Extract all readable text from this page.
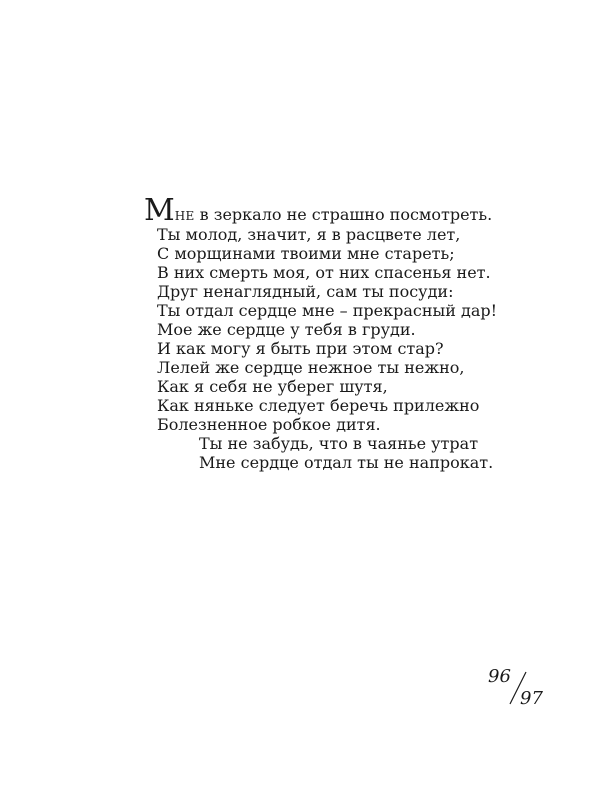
МНЕ в зеркало не страшно посмотреть.
Ты молод, значит, я в расцвете лет,
С морщинами твоими мне стареть;
В них смерть моя, от них спасенья нет.
Друг ненаглядный, сам ты посуди:
Ты отдал сердце мне – прекрасный дар!
Мое же сердце у тебя в груди.
И как могу я быть при этом стар?
Лелей же сердце нежное ты нежно,
Как я себя не уберег шутя,
Как няньке следует беречь прилежно
Болезненное робкое дитя.
Ты не забудь, что в чаянье утрат
Мне сердце отдал ты не напрокат.
96
97
